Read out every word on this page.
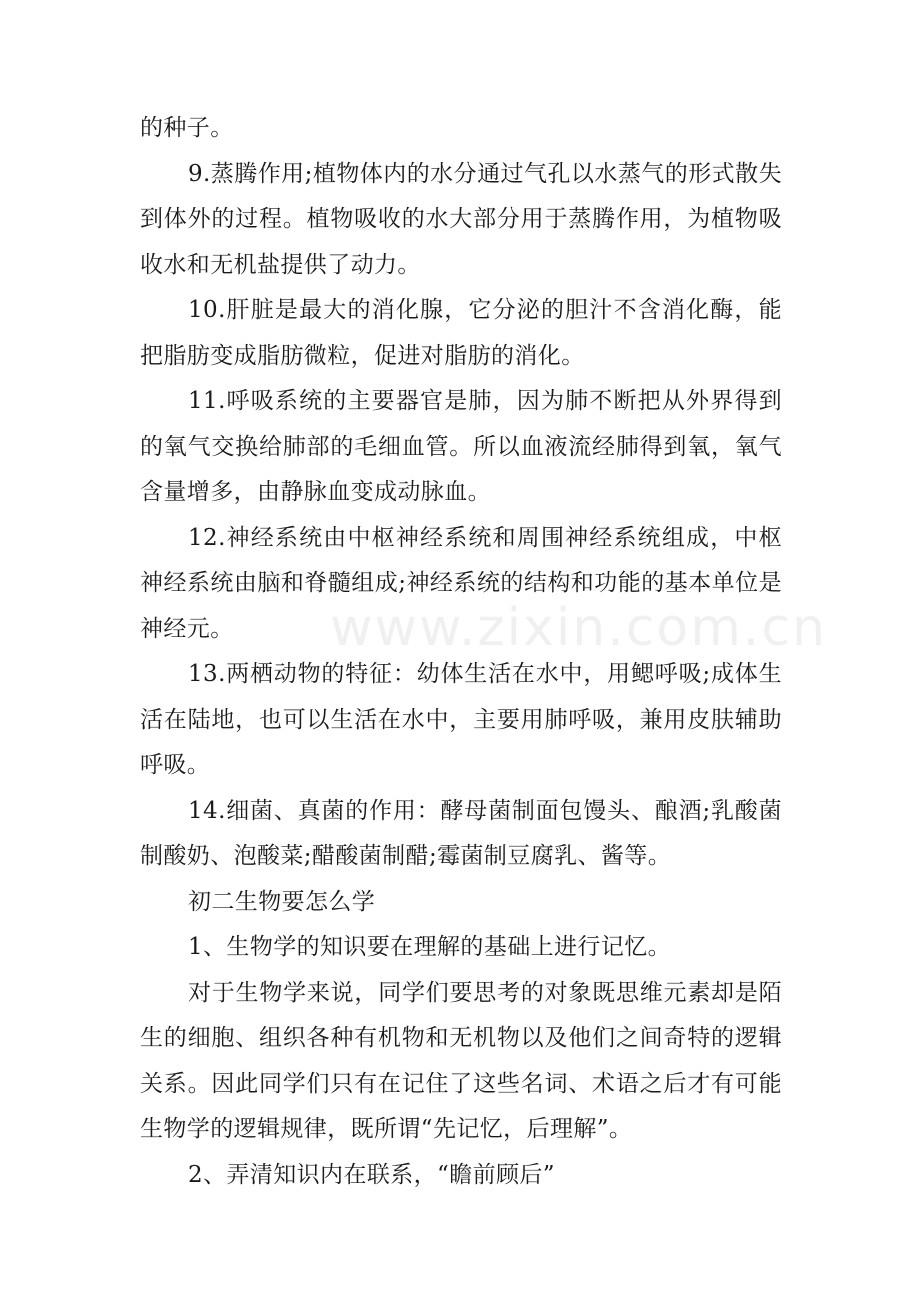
的种子。

9.蒸腾作用;植物体内的水分通过气孔以水蒸气的形式散失到体外的过程。植物吸收的水大部分用于蒸腾作用，为植物吸收水和无机盐提供了动力。

10.肝脏是最大的消化腺，它分泌的胆汁不含消化酶，能把脂肪变成脂肪微粒，促进对脂肪的消化。

11.呼吸系统的主要器官是肺，因为肺不断把从外界得到的氧气交换给肺部的毛细血管。所以血液流经肺得到氧，氧气含量增多，由静脉血变成动脉血。

12.神经系统由中枢神经系统和周围神经系统组成，中枢神经系统由脑和脊髓组成;神经系统的结构和功能的基本单位是神经元。

13.两栖动物的特征：幼体生活在水中，用鳃呼吸;成体生活在陆地，也可以生活在水中，主要用肺呼吸，兼用皮肤辅助呼吸。

14.细菌、真菌的作用：酵母菌制面包馒头、酿酒;乳酸菌制酸奶、泡酸菜;醋酸菌制醋;霉菌制豆腐乳、酱等。

初二生物要怎么学

1、生物学的知识要在理解的基础上进行记忆。

对于生物学来说，同学们要思考的对象既思维元素却是陌生的细胞、组织各种有机物和无机物以及他们之间奇特的逻辑关系。因此同学们只有在记住了这些名词、术语之后才有可能生物学的逻辑规律，既所谓“先记忆，后理解”。

2、弄清知识内在联系，“瞻前顾后”

www.zixin.com.cn
